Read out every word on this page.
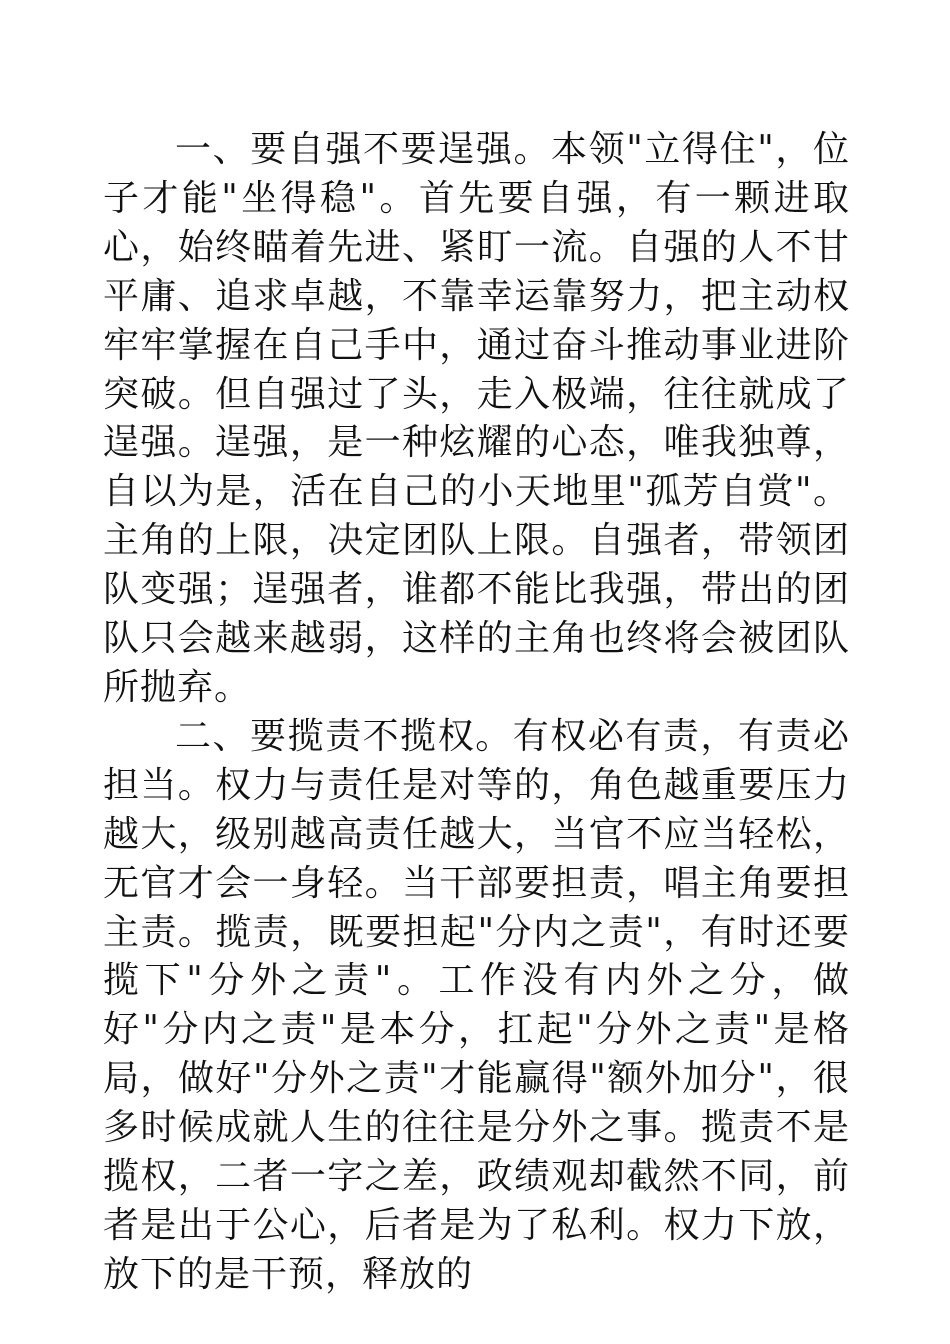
一、要自强不要逞强。本领"立得住"，位子才能"坐得稳"。首先要自强，有一颗进取心，始终瞄着先进、紧盯一流。自强的人不甘平庸、追求卓越，不靠幸运靠努力，把主动权牢牢掌握在自己手中，通过奋斗推动事业进阶突破。但自强过了头，走入极端，往往就成了逞强。逞强，是一种炫耀的心态，唯我独尊，自以为是，活在自己的小天地里"孤芳自赏"。主角的上限，决定团队上限。自强者，带领团队变强；逞强者，谁都不能比我强，带出的团队只会越来越弱，这样的主角也终将会被团队所抛弃。

二、要揽责不揽权。有权必有责，有责必担当。权力与责任是对等的，角色越重要压力越大，级别越高责任越大，当官不应当轻松，无官才会一身轻。当干部要担责，唱主角要担主责。揽责，既要担起"分内之责"，有时还要揽下"分外之责"。工作没有内外之分，做好"分内之责"是本分，扛起"分外之责"是格局，做好"分外之责"才能赢得"额外加分"，很多时候成就人生的往往是分外之事。揽责不是揽权，二者一字之差，政绩观却截然不同，前者是出于公心，后者是为了私利。权力下放，放下的是干预，释放的
